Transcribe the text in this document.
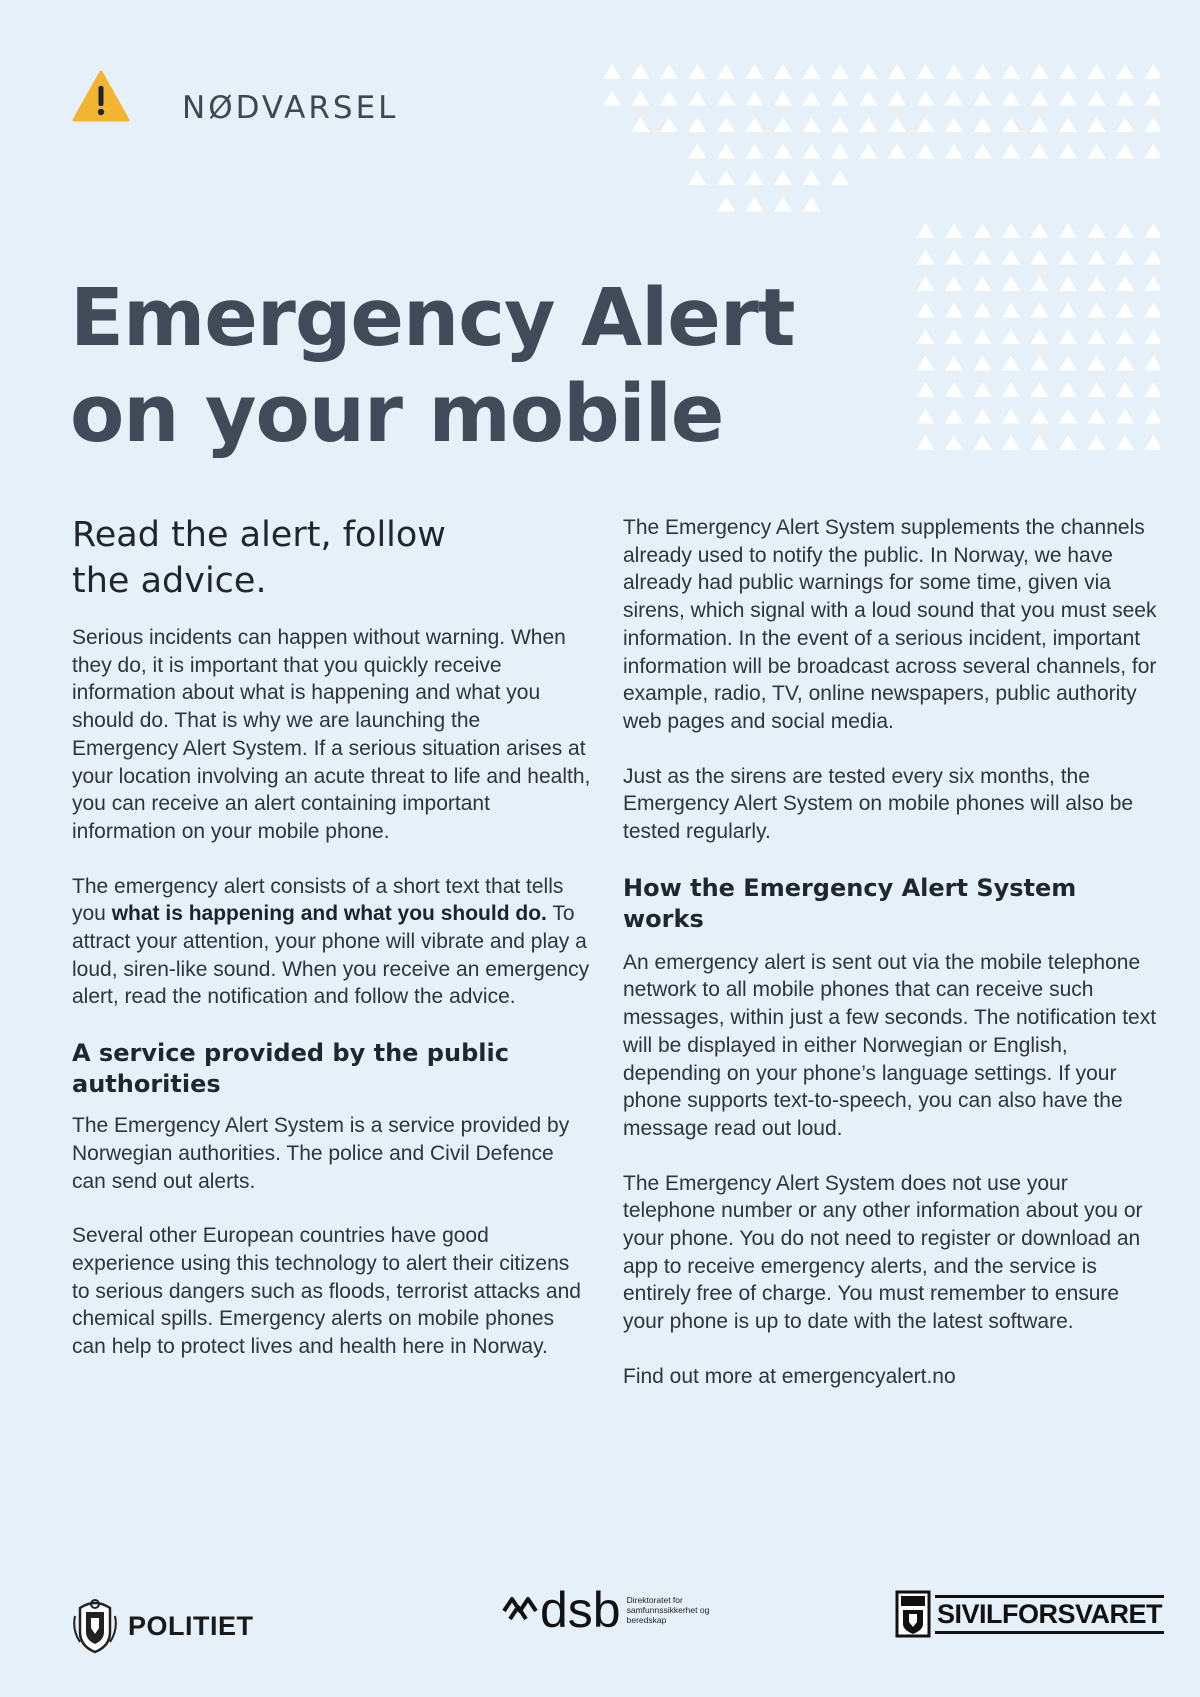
NØDVARSEL
Emergency Alert
on your mobile
Read the alert, follow
the advice.

Serious incidents can happen without warning. When they do, it is important that you quickly receive information about what is happening and what you should do. That is why we are launching the Emergency Alert System. If a serious situation arises at your location involving an acute threat to life and health, you can receive an alert containing important information on your mobile phone.

The emergency alert consists of a short text that tells you what is happening and what you should do. To attract your attention, your phone will vibrate and play a loud, siren-like sound. When you receive an emergency alert, read the notification and follow the advice.

A service provided by the public authorities

The Emergency Alert System is a service provided by Norwegian authorities. The police and Civil Defence can send out alerts.

Several other European countries have good experience using this technology to alert their citizens to serious dangers such as floods, terrorist attacks and chemical spills. Emergency alerts on mobile phones can help to protect lives and health here in Norway.

The Emergency Alert System supplements the channels already used to notify the public. In Norway, we have already had public warnings for some time, given via sirens, which signal with a loud sound that you must seek information. In the event of a serious incident, important information will be broadcast across several channels, for example, radio, TV, online newspapers, public authority web pages and social media.

Just as the sirens are tested every six months, the Emergency Alert System on mobile phones will also be tested regularly.

How the Emergency Alert System works

An emergency alert is sent out via the mobile telephone network to all mobile phones that can receive such messages, within just a few seconds. The notification text will be displayed in either Norwegian or English, depending on your phone’s language settings. If your phone supports text-to-speech, you can also have the message read out loud.

The Emergency Alert System does not use your telephone number or any other information about you or your phone. You do not need to register or download an app to receive emergency alerts, and the service is entirely free of charge. You must remember to ensure your phone is up to date with the latest software.

Find out more at emergencyalert.no

POLITIET	dsb Direktoratet for samfunnssikkerhet og beredskap	SIVILFORSVARET
